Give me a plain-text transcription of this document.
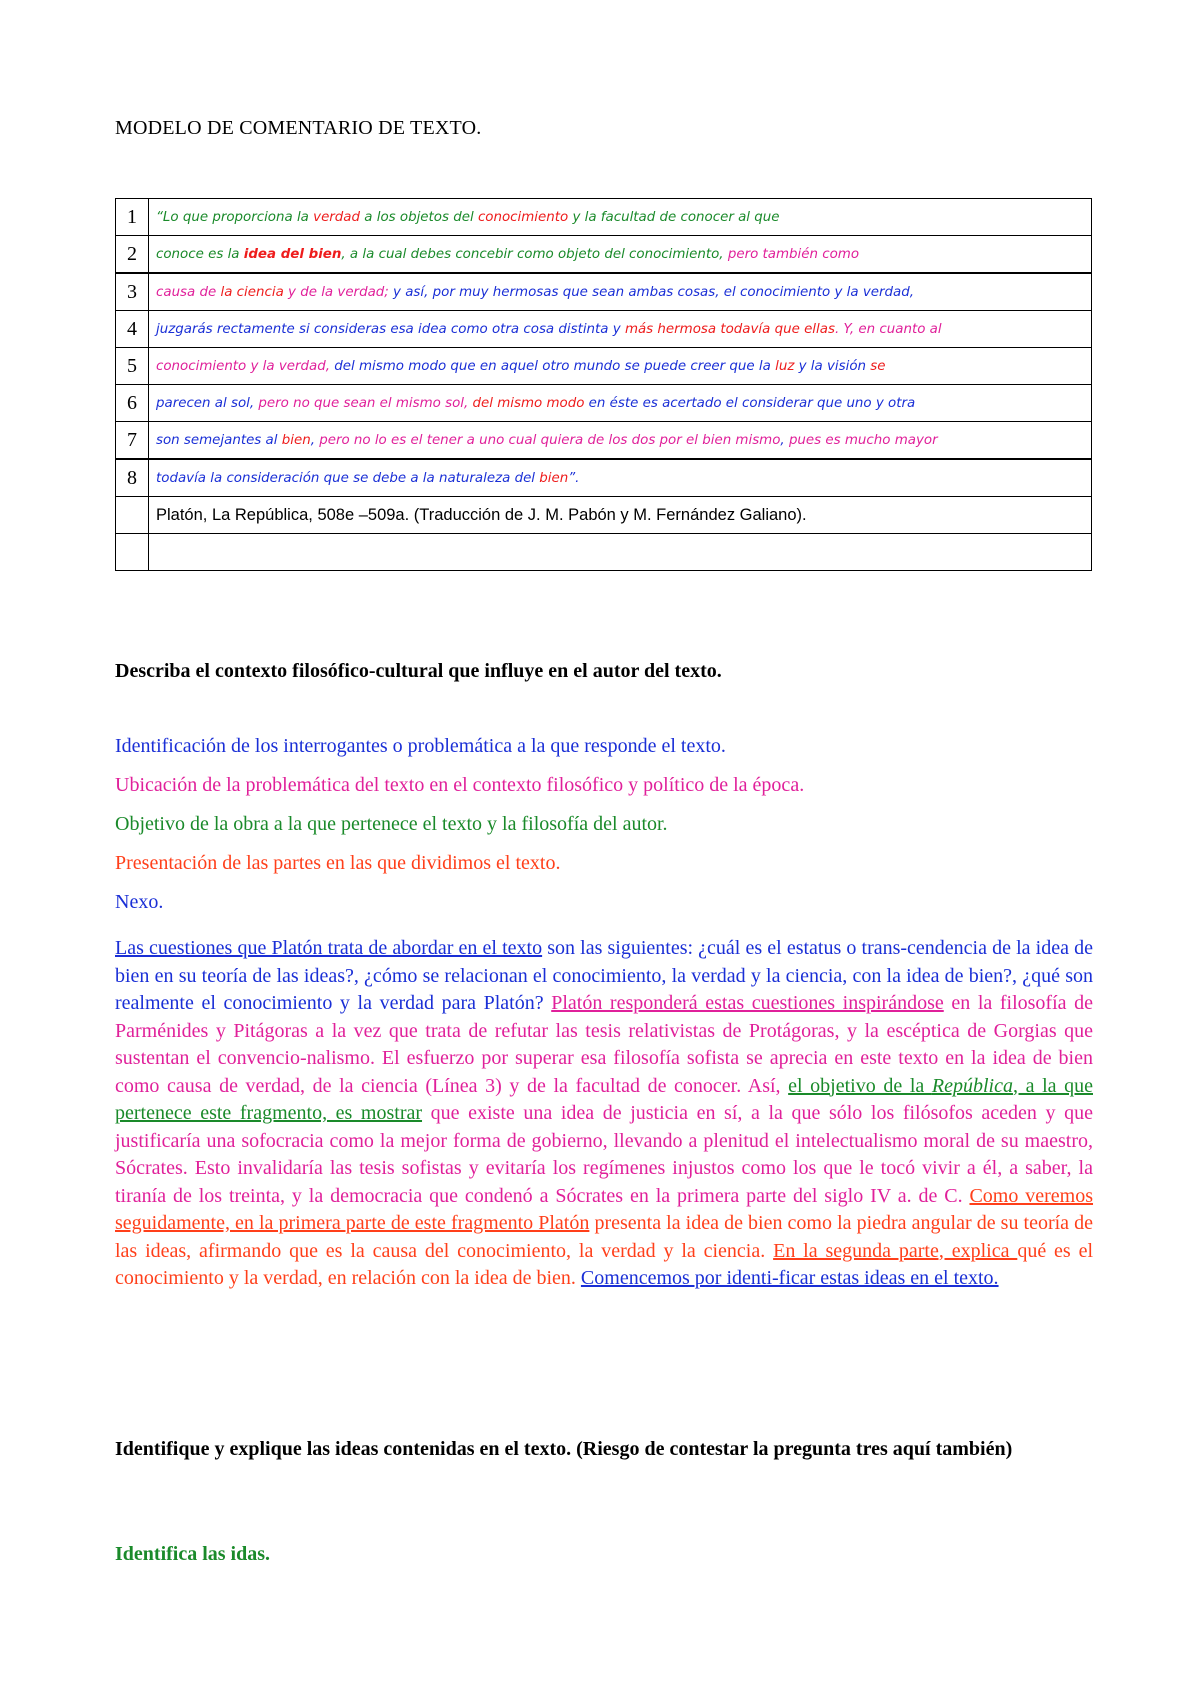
MODELO DE COMENTARIO DE TEXTO.
1	“Lo que proporciona la verdad a los objetos del conocimiento y la facultad de conocer al que
2	conoce es la idea del bien, a la cual debes concebir como objeto del conocimiento, pero también como
3	causa de la ciencia y de la verdad; y así, por muy hermosas que sean ambas cosas, el conocimiento y la verdad,
4	juzgarás rectamente si consideras esa idea como otra cosa distinta y más hermosa todavía que ellas. Y, en cuanto al
5	conocimiento y la verdad, del mismo modo que en aquel otro mundo se puede creer que la luz y la visión se
6	parecen al sol, pero no que sean el mismo sol, del mismo modo en éste es acertado el considerar que uno y otra
7	son semejantes al bien, pero no lo es el tener a uno cual quiera de los dos por el bien mismo, pues es mucho mayor
8	todavía la consideración que se debe a la naturaleza del bien”.
	Platón, La República, 508e –509a. (Traducción de J. M. Pabón y M. Fernández Galiano).

Describa el contexto filosófico-cultural que influye en el autor del texto.
Identificación de los interrogantes o problemática a la que responde el texto.
Ubicación de la problemática del texto en el contexto filosófico y político de la época.
Objetivo de la obra a la que pertenece el texto y la filosofía del autor.
Presentación de las partes en las que dividimos el texto.
Nexo.
Las cuestiones que Platón trata de abordar en el texto son las siguientes: ¿cuál es el estatus o trans-cendencia de la idea de bien en su teoría de las ideas?, ¿cómo se relacionan el conocimiento, la verdad y la ciencia, con la idea de bien?, ¿qué son realmente el conocimiento y la verdad para Platón? Platón responderá estas cuestiones inspirándose en la filosofía de Parménides y Pitágoras a la vez que trata de refutar las tesis relativistas de Protágoras, y la escéptica de Gorgias que sustentan el convencio-nalismo. El esfuerzo por superar esa filosofía sofista se aprecia en este texto en la idea de bien como causa de verdad, de la ciencia (Línea 3) y de la facultad de conocer. Así, el objetivo de la República, a la que pertenece este fragmento, es mostrar que existe una idea de justicia en sí, a la que sólo los filósofos aceden y que justificaría una sofocracia como la mejor forma de gobierno, llevando a plenitud el intelectualismo moral de su maestro, Sócrates. Esto invalidaría las tesis sofistas y evitaría los regímenes injustos como los que le tocó vivir a él, a saber, la tiranía de los treinta, y la democracia que condenó a Sócrates en la primera parte del siglo IV a. de C. Como veremos seguidamente, en la primera parte de este fragmento Platón presenta la idea de bien como la piedra angular de su teoría de las ideas, afirmando que es la causa del conocimiento, la verdad y la ciencia. En la segunda parte, explica qué es el conocimiento y la verdad, en relación con la idea de bien. Comencemos por identi-ficar estas ideas en el texto.
Identifique y explique las ideas contenidas en el texto. (Riesgo de contestar la pregunta tres aquí también)
Identifica las idas.
